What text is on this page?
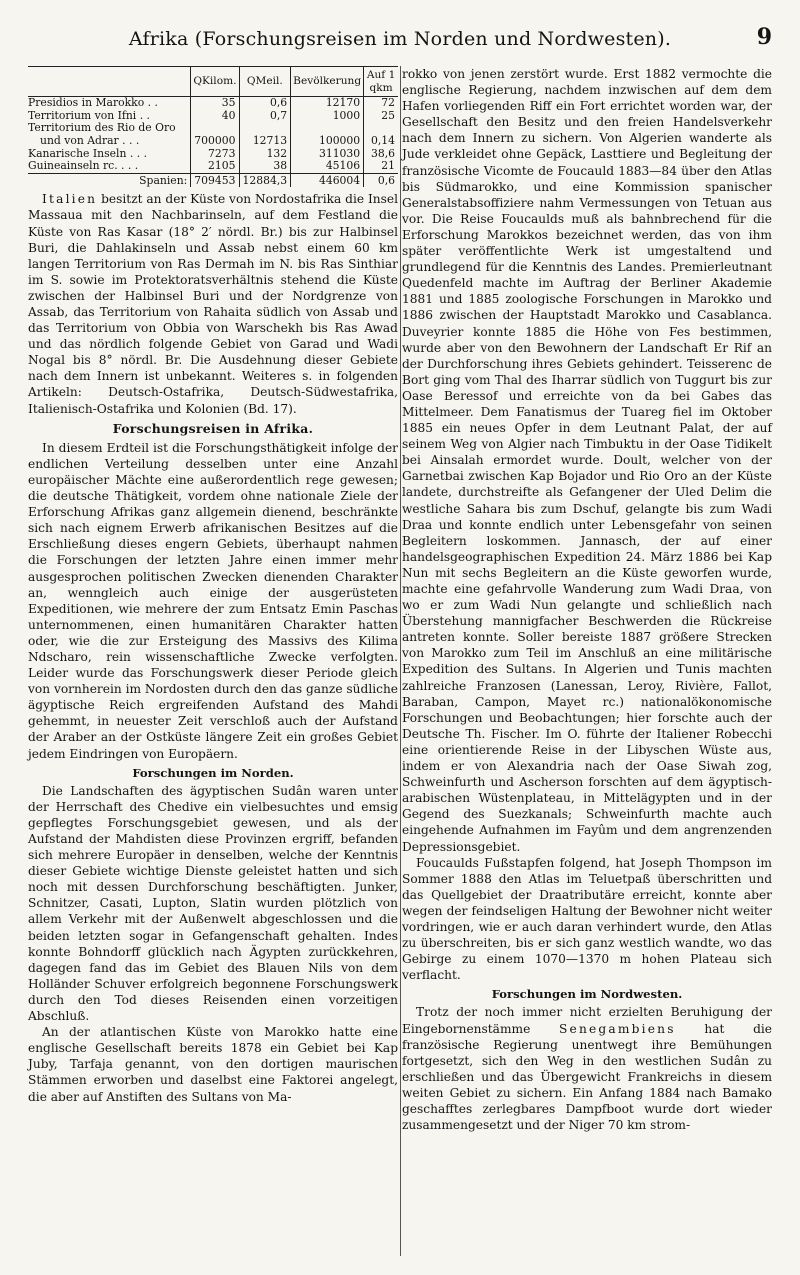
Afrika (Forschungsreisen im Norden und Nordwesten).	9
	QKilom.	QMeil.	Bevölkerung	Auf 1 qkm
Presidios in Marokko . .	35	0,6	12170	72
Territorium von Ifni . .	40	0,7	1000	25
Territorium des Rio de Oro				
und von Adrar . . .	700000	12713	100000	0,14
Kanarische Inseln . . .	7273	132	311030	38,6
Guineainseln rc. . . .	2105	38	45106	21
Spanien:	709453	12884,3	446004	0,6

Italien besitzt an der Küste von Nordostafrika die Insel Massaua mit den Nachbarinseln, auf dem Festland die Küste von Ras Kasar (18° 2′ nördl. Br.) bis zur Halbinsel Buri, die Dahlakinseln und Assab nebst einem 60 km langen Territorium von Ras Dermah im N. bis Ras Sinthiar im S. sowie im Protektoratsverhältnis stehend die Küste zwischen der Halbinsel Buri und der Nordgrenze von Assab, das Territorium von Rahaita südlich von Assab und das Territorium von Obbia von Warschekh bis Ras Awad und das nördlich folgende Gebiet von Garad und Wadi Nogal bis 8° nördl. Br. Die Ausdehnung dieser Gebiete nach dem Innern ist unbekannt. Weiteres s. in folgenden Artikeln: Deutsch-Ostafrika, Deutsch-Südwestafrika, Italienisch-Ostafrika und Kolonien (Bd. 17).

Forschungsreisen in Afrika.

In diesem Erdteil ist die Forschungsthätigkeit infolge der endlichen Verteilung desselben unter eine Anzahl europäischer Mächte eine außerordentlich rege gewesen; die deutsche Thätigkeit, vordem ohne nationale Ziele der Erforschung Afrikas ganz allgemein dienend, beschränkte sich nach eignem Erwerb afrikanischen Besitzes auf die Erschließung dieses engern Gebiets, überhaupt nahmen die Forschungen der letzten Jahre einen immer mehr ausgesprochen politischen Zwecken dienenden Charakter an, wenngleich auch einige der ausgerüsteten Expeditionen, wie mehrere der zum Entsatz Emin Paschas unternommenen, einen humanitären Charakter hatten oder, wie die zur Ersteigung des Massivs des Kilima Ndscharo, rein wissenschaftliche Zwecke verfolgten. Leider wurde das Forschungswerk dieser Periode gleich von vornherein im Nordosten durch den das ganze südliche ägyptische Reich ergreifenden Aufstand des Mahdi gehemmt, in neuester Zeit verschloß auch der Aufstand der Araber an der Ostküste längere Zeit ein großes Gebiet jedem Eindringen von Europäern.

Forschungen im Norden.

Die Landschaften des ägyptischen Sudân waren unter der Herrschaft des Chedive ein vielbesuchtes und emsig gepflegtes Forschungsgebiet gewesen, und als der Aufstand der Mahdisten diese Provinzen ergriff, befanden sich mehrere Europäer in denselben, welche der Kenntnis dieser Gebiete wichtige Dienste geleistet hatten und sich noch mit dessen Durchforschung beschäftigten. Junker, Schnitzer, Casati, Lupton, Slatin wurden plötzlich von allem Verkehr mit der Außenwelt abgeschlossen und die beiden letzten sogar in Gefangenschaft gehalten. Indes konnte Bohndorff glücklich nach Ägypten zurückkehren, dagegen fand das im Gebiet des Blauen Nils von dem Holländer Schuver erfolgreich begonnene Forschungswerk durch den Tod dieses Reisenden einen vorzeitigen Abschluß.

An der atlantischen Küste von Marokko hatte eine englische Gesellschaft bereits 1878 ein Gebiet bei Kap Juby, Tarfaja genannt, von den dortigen maurischen Stämmen erworben und daselbst eine Faktorei angelegt, die aber auf Anstiften des Sultans von Ma-

rokko von jenen zerstört wurde. Erst 1882 vermochte die englische Regierung, nachdem inzwischen auf dem dem Hafen vorliegenden Riff ein Fort errichtet worden war, der Gesellschaft den Besitz und den freien Handelsverkehr nach dem Innern zu sichern. Von Algerien wanderte als Jude verkleidet ohne Gepäck, Lasttiere und Begleitung der französische Vicomte de Foucauld 1883—84 über den Atlas bis Südmarokko, und eine Kommission spanischer Generalstabsoffiziere nahm Vermessungen von Tetuan aus vor. Die Reise Foucaulds muß als bahnbrechend für die Erforschung Marokkos bezeichnet werden, das von ihm später veröffentlichte Werk ist umgestaltend und grundlegend für die Kenntnis des Landes. Premierleutnant Quedenfeld machte im Auftrag der Berliner Akademie 1881 und 1885 zoologische Forschungen in Marokko und 1886 zwischen der Hauptstadt Marokko und Casablanca. Duveyrier konnte 1885 die Höhe von Fes bestimmen, wurde aber von den Bewohnern der Landschaft Er Rif an der Durchforschung ihres Gebiets gehindert. Teisserenc de Bort ging vom Thal des Iharrar südlich von Tuggurt bis zur Oase Beressof und erreichte von da bei Gabes das Mittelmeer. Dem Fanatismus der Tuareg fiel im Oktober 1885 ein neues Opfer in dem Leutnant Palat, der auf seinem Weg von Algier nach Timbuktu in der Oase Tidikelt bei Ainsalah ermordet wurde. Doult, welcher von der Garnetbai zwischen Kap Bojador und Rio Oro an der Küste landete, durchstreifte als Gefangener der Uled Delim die westliche Sahara bis zum Dschuf, gelangte bis zum Wadi Draa und konnte endlich unter Lebensgefahr von seinen Begleitern loskommen. Jannasch, der auf einer handelsgeographischen Expedition 24. März 1886 bei Kap Nun mit sechs Begleitern an die Küste geworfen wurde, machte eine gefahrvolle Wanderung zum Wadi Draa, von wo er zum Wadi Nun gelangte und schließlich nach Überstehung mannigfacher Beschwerden die Rückreise antreten konnte. Soller bereiste 1887 größere Strecken von Marokko zum Teil im Anschluß an eine militärische Expedition des Sultans. In Algerien und Tunis machten zahlreiche Franzosen (Lanessan, Leroy, Rivière, Fallot, Baraban, Campon, Mayet rc.) nationalökonomische Forschungen und Beobachtungen; hier forschte auch der Deutsche Th. Fischer. Im O. führte der Italiener Robecchi eine orientierende Reise in der Libyschen Wüste aus, indem er von Alexandria nach der Oase Siwah zog, Schweinfurth und Ascherson forschten auf dem ägyptisch-arabischen Wüstenplateau, in Mittelägypten und in der Gegend des Suezkanals; Schweinfurth machte auch eingehende Aufnahmen im Fayûm und dem angrenzenden Depressionsgebiet.

Foucaulds Fußstapfen folgend, hat Joseph Thompson im Sommer 1888 den Atlas im Teluetpaß überschritten und das Quellgebiet der Draatributäre erreicht, konnte aber wegen der feindseligen Haltung der Bewohner nicht weiter vordringen, wie er auch daran verhindert wurde, den Atlas zu überschreiten, bis er sich ganz westlich wandte, wo das Gebirge zu einem 1070—1370 m hohen Plateau sich verflacht.

Forschungen im Nordwesten.

Trotz der noch immer nicht erzielten Beruhigung der Eingebornenstämme Senegambiens hat die französische Regierung unentwegt ihre Bemühungen fortgesetzt, sich den Weg in den westlichen Sudân zu erschließen und das Übergewicht Frankreichs in diesem weiten Gebiet zu sichern. Ein Anfang 1884 nach Bamako geschafftes zerlegbares Dampfboot wurde dort wieder zusammengesetzt und der Niger 70 km strom-
